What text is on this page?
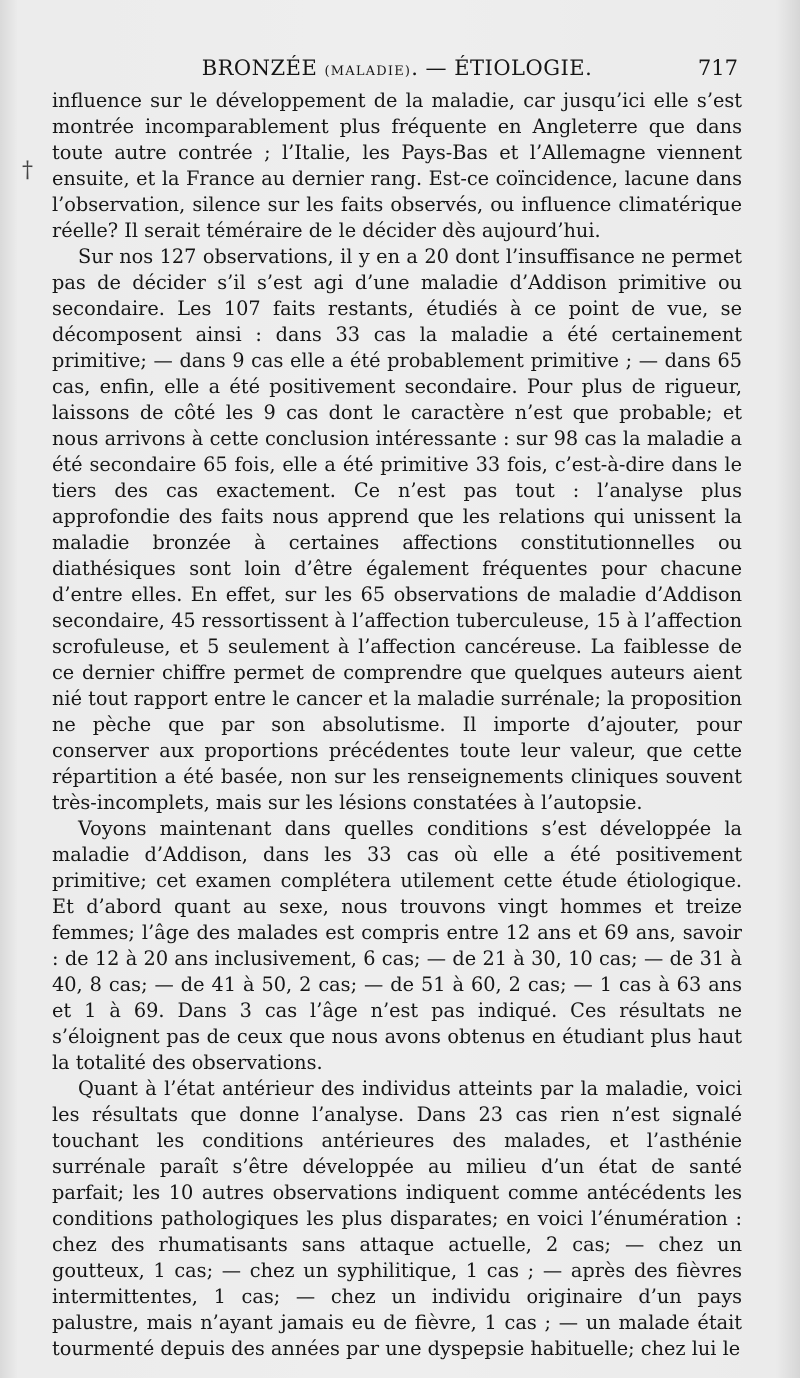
BRONZÉE (MALADIE). — ÉTIOLOGIE.	717
†

influence sur le développement de la maladie, car jusqu’ici elle s’est montrée incomparablement plus fréquente en Angleterre que dans toute autre contrée ; l’Italie, les Pays-Bas et l’Allemagne viennent ensuite, et la France au dernier rang. Est-ce coïncidence, lacune dans l’observation, silence sur les faits observés, ou influence climatérique réelle? Il serait téméraire de le décider dès aujourd’hui.

Sur nos 127 observations, il y en a 20 dont l’insuffisance ne permet pas de décider s’il s’est agi d’une maladie d’Addison primitive ou secondaire. Les 107 faits restants, étudiés à ce point de vue, se décomposent ainsi : dans 33 cas la maladie a été certainement primitive; — dans 9 cas elle a été probablement primitive ; — dans 65 cas, enfin, elle a été positivement secondaire. Pour plus de rigueur, laissons de côté les 9 cas dont le caractère n’est que probable; et nous arrivons à cette conclusion intéressante : sur 98 cas la maladie a été secondaire 65 fois, elle a été primitive 33 fois, c’est-à-dire dans le tiers des cas exactement. Ce n’est pas tout : l’analyse plus approfondie des faits nous apprend que les relations qui unissent la maladie bronzée à certaines affections constitutionnelles ou diathésiques sont loin d’être également fréquentes pour chacune d’entre elles. En effet, sur les 65 observations de maladie d’Addison secondaire, 45 ressortissent à l’affection tuberculeuse, 15 à l’affection scrofuleuse, et 5 seulement à l’affection cancéreuse. La faiblesse de ce dernier chiffre permet de comprendre que quelques auteurs aient nié tout rapport entre le cancer et la maladie surrénale; la proposition ne pèche que par son absolutisme. Il importe d’ajouter, pour conserver aux proportions précédentes toute leur valeur, que cette répartition a été basée, non sur les renseignements cliniques souvent très-incomplets, mais sur les lésions constatées à l’autopsie.

Voyons maintenant dans quelles conditions s’est développée la maladie d’Addison, dans les 33 cas où elle a été positivement primitive; cet examen complétera utilement cette étude étiologique. Et d’abord quant au sexe, nous trouvons vingt hommes et treize femmes; l’âge des malades est compris entre 12 ans et 69 ans, savoir : de 12 à 20 ans inclusivement, 6 cas; — de 21 à 30, 10 cas; — de 31 à 40, 8 cas; — de 41 à 50, 2 cas; — de 51 à 60, 2 cas; — 1 cas à 63 ans et 1 à 69. Dans 3 cas l’âge n’est pas indiqué. Ces résultats ne s’éloignent pas de ceux que nous avons obtenus en étudiant plus haut la totalité des observations.

Quant à l’état antérieur des individus atteints par la maladie, voici les résultats que donne l’analyse. Dans 23 cas rien n’est signalé touchant les conditions antérieures des malades, et l’asthénie surrénale paraît s’être développée au milieu d’un état de santé parfait; les 10 autres observations indiquent comme antécédents les conditions pathologiques les plus disparates; en voici l’énumération : chez des rhumatisants sans attaque actuelle, 2 cas; — chez un goutteux, 1 cas; — chez un syphilitique, 1 cas ; — après des fièvres intermittentes, 1 cas; — chez un individu originaire d’un pays palustre, mais n’ayant jamais eu de fièvre, 1 cas ; — un malade était tourmenté depuis des années par une dyspepsie habituelle; chez lui le
